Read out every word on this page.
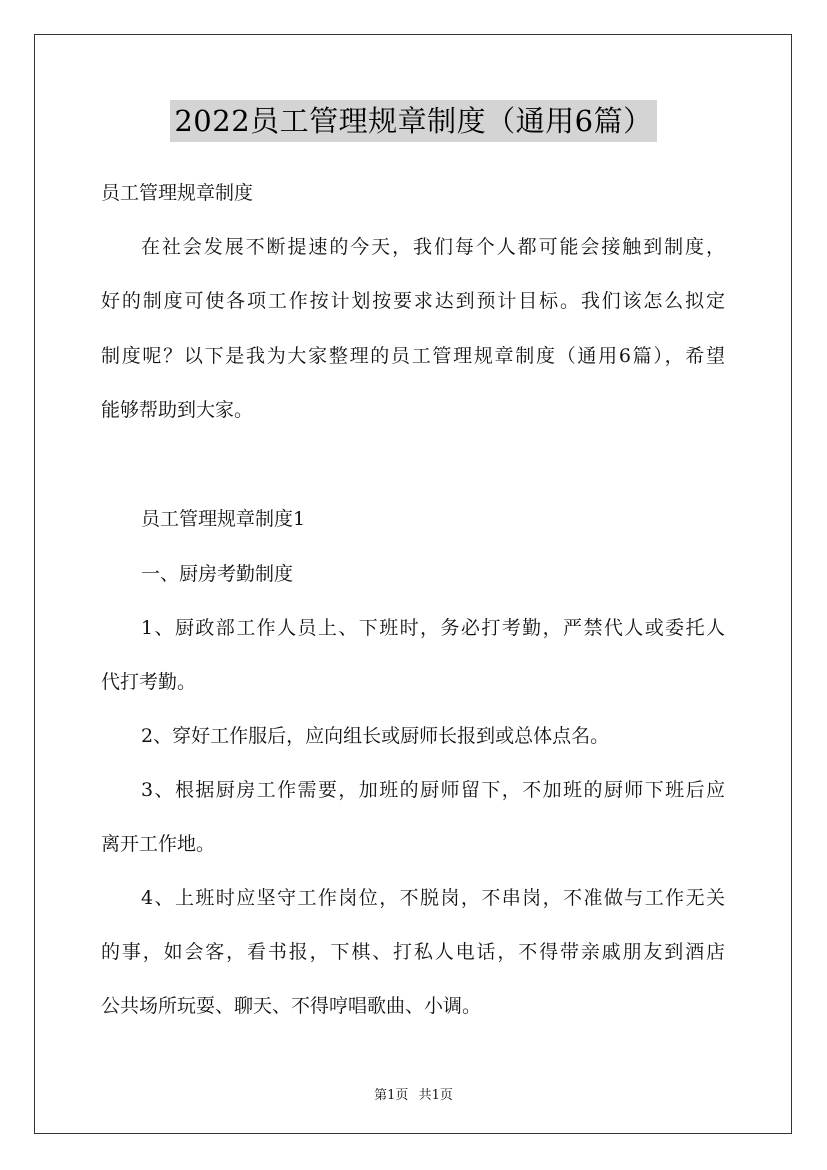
2022员工管理规章制度（通用6篇）
员工管理规章制度
在社会发展不断提速的今天，我们每个人都可能会接触到制度，
好的制度可使各项工作按计划按要求达到预计目标。我们该怎么拟定
制度呢？以下是我为大家整理的员工管理规章制度（通用6篇），希望
能够帮助到大家。
员工管理规章制度1
一、厨房考勤制度
1、厨政部工作人员上、下班时，务必打考勤，严禁代人或委托人
代打考勤。
2、穿好工作服后，应向组长或厨师长报到或总体点名。
3、根据厨房工作需要，加班的厨师留下，不加班的厨师下班后应
离开工作地。
4、上班时应坚守工作岗位，不脱岗，不串岗，不准做与工作无关
的事，如会客，看书报，下棋、打私人电话，不得带亲戚朋友到酒店
公共场所玩耍、聊天、不得哼唱歌曲、小调。
第1页 共1页
